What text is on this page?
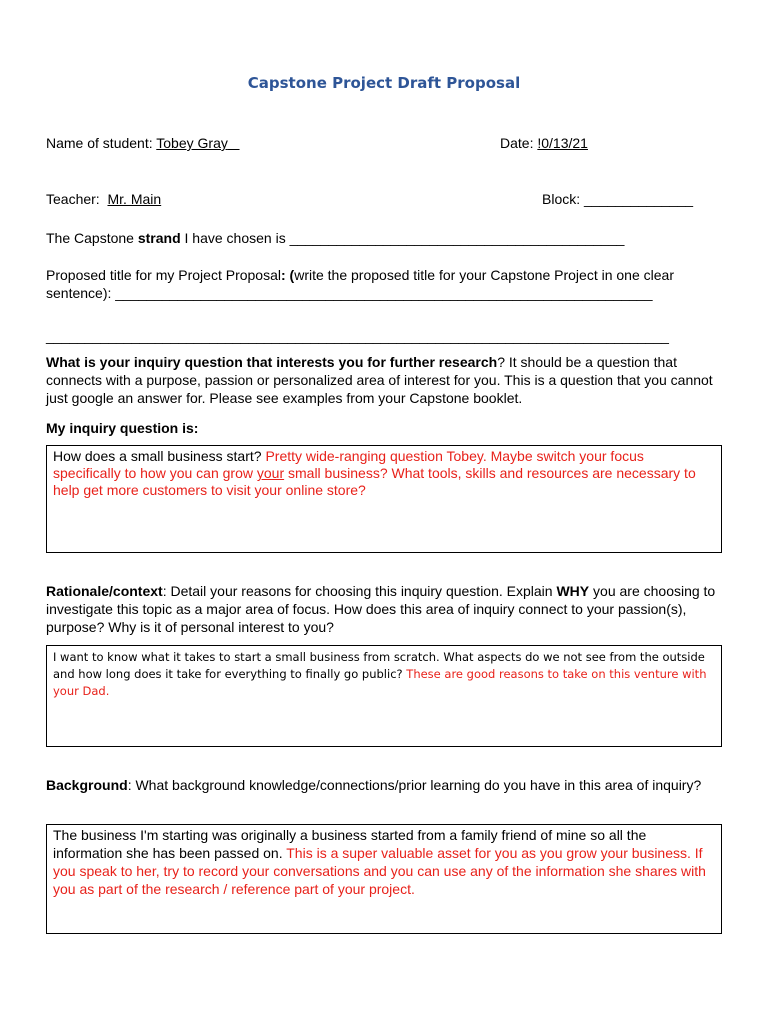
Capstone Project Draft Proposal
Name of student: Tobey Gray	Date: !0/13/21
Teacher: Mr. Main	Block: ______________
The Capstone strand I have chosen is ___________________________________________
Proposed title for my Project Proposal: (write the proposed title for your Capstone Project in one clear
sentence): _____________________________________________________________________
________________________________________________________________________________
What is your inquiry question that interests you for further research? It should be a question that connects with a purpose, passion or personalized area of interest for you. This is a question that you cannot just google an answer for. Please see examples from your Capstone booklet.
My inquiry question is:
How does a small business start? Pretty wide-ranging question Tobey. Maybe switch your focus specifically to how you can grow your small business? What tools, skills and resources are necessary to help get more customers to visit your online store?
Rationale/context: Detail your reasons for choosing this inquiry question. Explain WHY you are choosing to investigate this topic as a major area of focus. How does this area of inquiry connect to your passion(s), purpose? Why is it of personal interest to you?
I want to know what it takes to start a small business from scratch. What aspects do we not see from the outside and how long does it take for everything to finally go public? These are good reasons to take on this venture with your Dad.
Background: What background knowledge/connections/prior learning do you have in this area of inquiry?
The business I'm starting was originally a business started from a family friend of mine so all the information she has been passed on. This is a super valuable asset for you as you grow your business. If you speak to her, try to record your conversations and you can use any of the information she shares with you as part of the research / reference part of your project.
